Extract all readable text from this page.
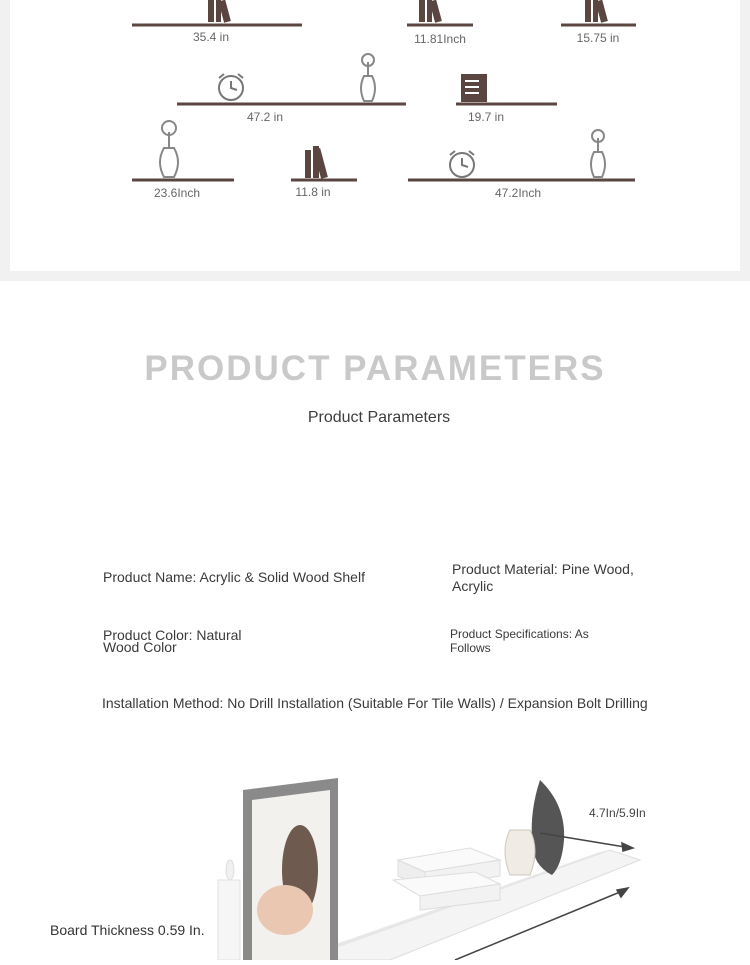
35.4 in	11.81Inch	15.75 in
47.2 in	19.7 in
23.6Inch	11.8 in	47.2Inch
PRODUCT PARAMETERS
Product Parameters
Product Name: Acrylic & Solid Wood Shelf	Product Material: Pine Wood,
Acrylic
Product Color: Natural
Wood Color
Product Specifications: As
Follows
Installation Method: No Drill Installation (Suitable For Tile Walls) / Expansion Bolt Drilling
4.7In/5.9In
Board Thickness 0.59 In.
